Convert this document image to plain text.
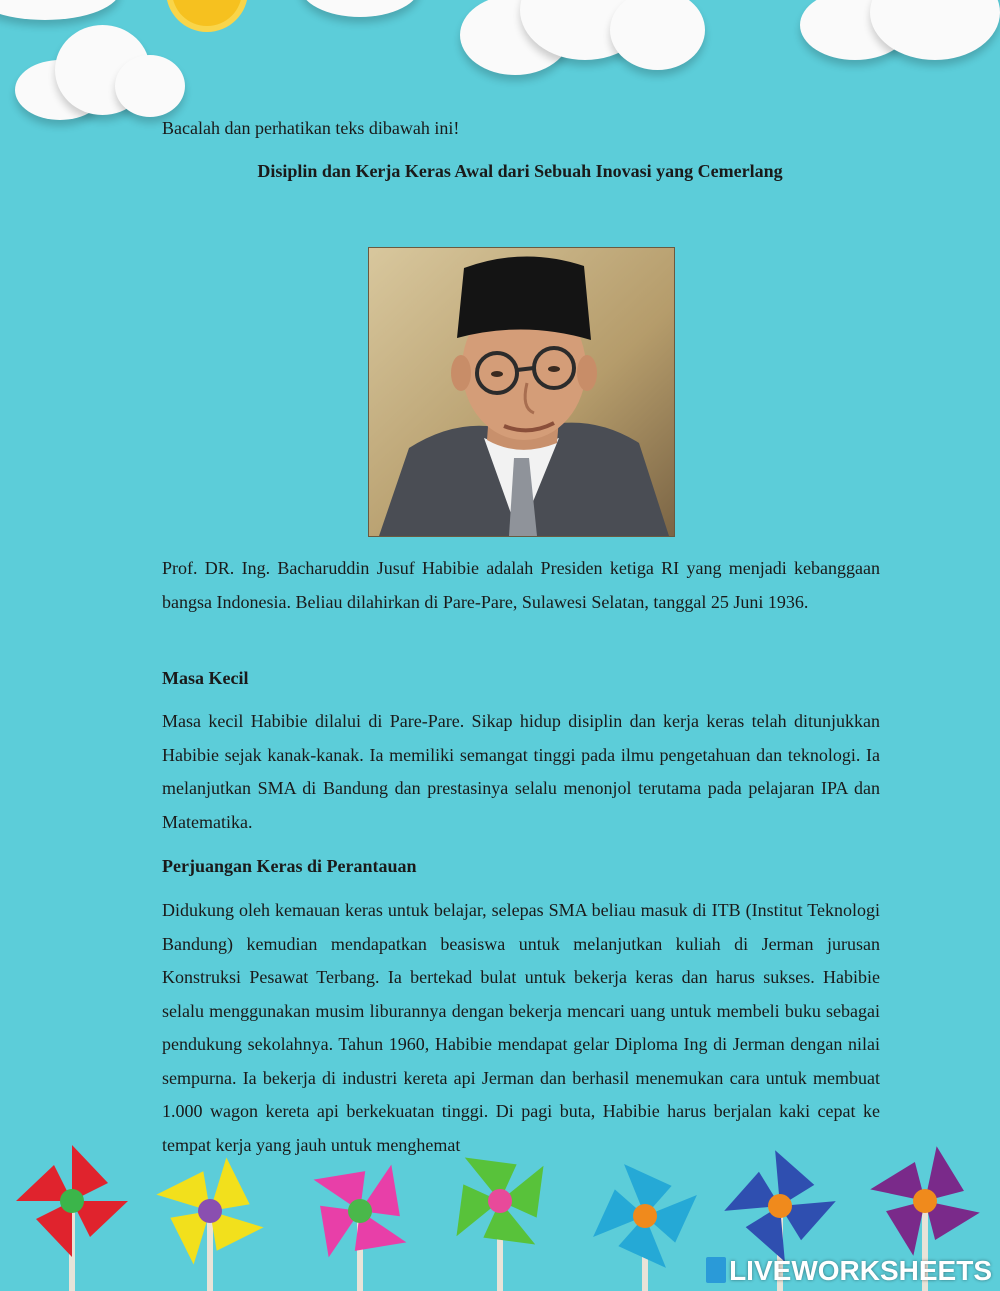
Bacalah dan perhatikan teks dibawah ini!
Disiplin dan Kerja Keras Awal dari Sebuah Inovasi yang Cemerlang

Prof. DR. Ing. Bacharuddin Jusuf Habibie adalah Presiden ketiga RI yang menjadi kebanggaan bangsa Indonesia. Beliau dilahirkan di Pare-Pare, Sulawesi Selatan, tanggal 25 Juni 1936.

Masa Kecil

Masa kecil Habibie dilalui di Pare-Pare. Sikap hidup disiplin dan kerja keras telah ditunjukkan Habibie sejak kanak-kanak. Ia memiliki semangat tinggi pada ilmu pengetahuan dan teknologi. Ia melanjutkan SMA di Bandung dan prestasinya selalu menonjol terutama pada pelajaran IPA dan Matematika.

Perjuangan Keras di Perantauan

Didukung oleh kemauan keras untuk belajar, selepas SMA beliau masuk di ITB (Institut Teknologi Bandung) kemudian mendapatkan beasiswa untuk melanjutkan kuliah di Jerman jurusan Konstruksi Pesawat Terbang. Ia bertekad bulat untuk bekerja keras dan harus sukses. Habibie selalu menggunakan musim liburannya dengan bekerja mencari uang untuk membeli buku sebagai pendukung sekolahnya. Tahun 1960, Habibie mendapat gelar Diploma Ing di Jerman dengan nilai sempurna. Ia bekerja di industri kereta api Jerman dan berhasil menemukan cara untuk membuat 1.000 wagon kereta api berkekuatan tinggi. Di pagi buta, Habibie harus berjalan kaki cepat ke tempat kerja yang jauh untuk menghemat

LIVEWORKSHEETS
